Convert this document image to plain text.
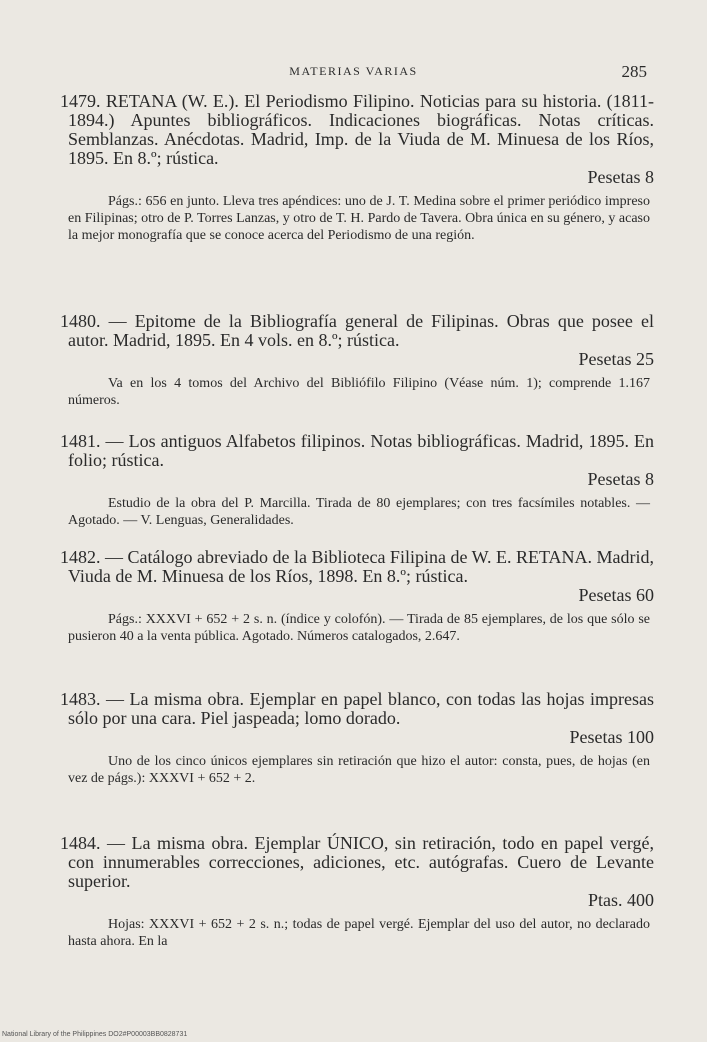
MATERIAS VARIAS	285

1479. RETANA (W. E.). El Periodismo Filipino. Noticias para su historia. (1811-1894.) Apuntes bibliográficos. Indicaciones biográficas. Notas críticas. Semblanzas. Anécdotas. Madrid, Imp. de la Viuda de M. Minuesa de los Ríos, 1895. En 8.º; rústica.
Pesetas 8

Págs.: 656 en junto. Lleva tres apéndices: uno de J. T. Medina sobre el primer periódico impreso en Filipinas; otro de P. Torres Lanzas, y otro de T. H. Pardo de Tavera. Obra única en su género, y acaso la mejor monografía que se conoce acerca del Periodismo de una región.

1480. — Epitome de la Bibliografía general de Filipinas. Obras que posee el autor. Madrid, 1895. En 4 vols. en 8.º; rústica.
Pesetas 25

Va en los 4 tomos del Archivo del Bibliófilo Filipino (Véase núm. 1); comprende 1.167 números.

1481. — Los antiguos Alfabetos filipinos. Notas bibliográficas. Madrid, 1895. En folio; rústica.
Pesetas 8

Estudio de la obra del P. Marcilla. Tirada de 80 ejemplares; con tres facsímiles notables. — Agotado. — V. Lenguas, Generalidades.

1482. — Catálogo abreviado de la Biblioteca Filipina de W. E. RETANA. Madrid, Viuda de M. Minuesa de los Ríos, 1898. En 8.º; rústica.
Pesetas 60

Págs.: XXXVI + 652 + 2 s. n. (índice y colofón). — Tirada de 85 ejemplares, de los que sólo se pusieron 40 a la venta pública. Agotado. Números catalogados, 2.647.

1483. — La misma obra. Ejemplar en papel blanco, con todas las hojas impresas sólo por una cara. Piel jaspeada; lomo dorado.
Pesetas 100

Uno de los cinco únicos ejemplares sin retiración que hizo el autor: consta, pues, de hojas (en vez de págs.): XXXVI + 652 + 2.

1484. — La misma obra. Ejemplar ÚNICO, sin retiración, todo en papel vergé, con innumerables correcciones, adiciones, etc. autógrafas. Cuero de Levante superior.
Ptas. 400

Hojas: XXXVI + 652 + 2 s. n.; todas de papel vergé. Ejemplar del uso del autor, no declarado hasta ahora. En la

National Library of the Philippines DO2#P00003BB0828731
